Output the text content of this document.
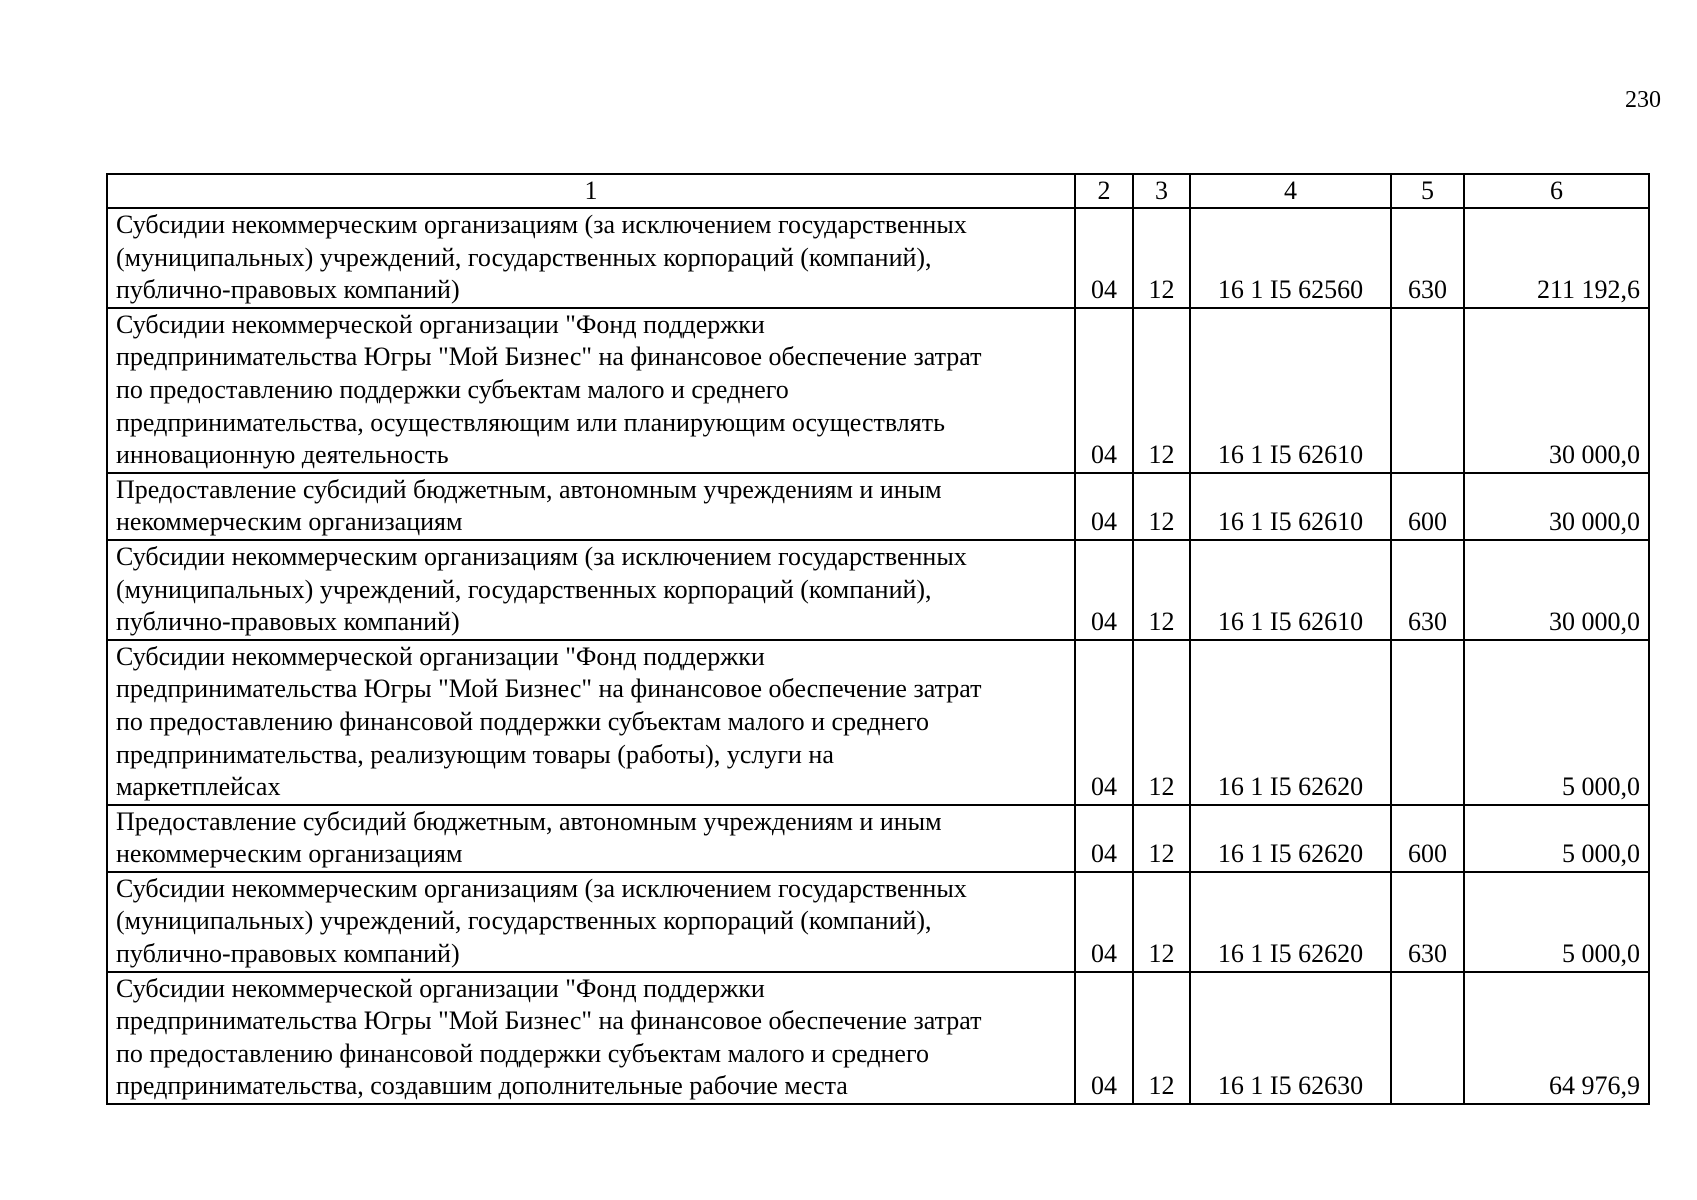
230
1	2	3	4	5	6

Субсидии некоммерческим организациям (за исключением государственных
(муниципальных) учреждений, государственных корпораций (компаний),
публично-правовых компаний)	04	12	16 1 I5 62560	630	211 192,6

Субсидии некоммерческой организации "Фонд поддержки
предпринимательства Югры "Мой Бизнес" на финансовое обеспечение затрат
по предоставлению поддержки субъектам малого и среднего
предпринимательства, осуществляющим или планирующим осуществлять
инновационную деятельность	04	12	16 1 I5 62610		30 000,0

Предоставление субсидий бюджетным, автономным учреждениям и иным
некоммерческим организациям	04	12	16 1 I5 62610	600	30 000,0

Субсидии некоммерческим организациям (за исключением государственных
(муниципальных) учреждений, государственных корпораций (компаний),
публично-правовых компаний)	04	12	16 1 I5 62610	630	30 000,0

Субсидии некоммерческой организации "Фонд поддержки
предпринимательства Югры "Мой Бизнес" на финансовое обеспечение затрат
по предоставлению финансовой поддержки субъектам малого и среднего
предпринимательства, реализующим товары (работы), услуги на
маркетплейсах	04	12	16 1 I5 62620		5 000,0

Предоставление субсидий бюджетным, автономным учреждениям и иным
некоммерческим организациям	04	12	16 1 I5 62620	600	5 000,0

Субсидии некоммерческим организациям (за исключением государственных
(муниципальных) учреждений, государственных корпораций (компаний),
публично-правовых компаний)	04	12	16 1 I5 62620	630	5 000,0

Субсидии некоммерческой организации "Фонд поддержки
предпринимательства Югры "Мой Бизнес" на финансовое обеспечение затрат
по предоставлению финансовой поддержки субъектам малого и среднего
предпринимательства, создавшим дополнительные рабочие места	04	12	16 1 I5 62630		64 976,9
